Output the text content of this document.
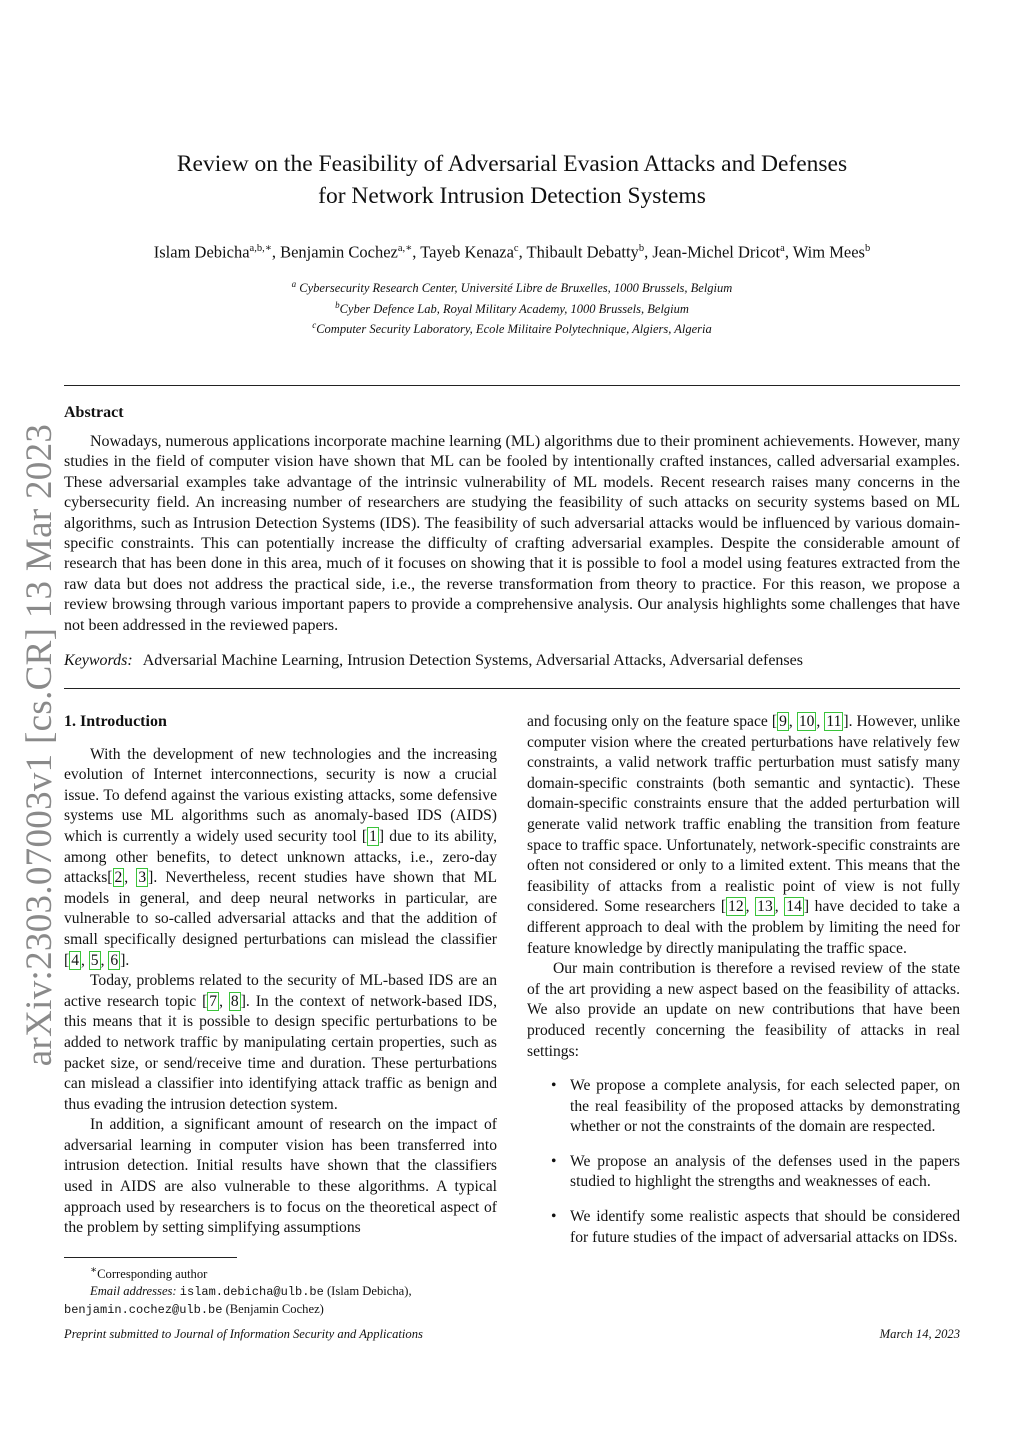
arXiv:2303.07003v1 [cs.CR] 13 Mar 2023
Review on the Feasibility of Adversarial Evasion Attacks and Defenses
for Network Intrusion Detection Systems
Islam Debicha$^{a,b,∗}$, Benjamin Cochez$^{a,∗}$, Tayeb Kenaza$^c$, Thibault Debatty$^b$, Jean-Michel Dricot$^a$, Wim Mees$^b$
$^a$ Cybersecurity Research Center, Université Libre de Bruxelles, 1000 Brussels, Belgium
$^b$Cyber Defence Lab, Royal Military Academy, 1000 Brussels, Belgium
$^c$Computer Security Laboratory, Ecole Militaire Polytechnique, Algiers, Algeria
Abstract

Nowadays, numerous applications incorporate machine learning (ML) algorithms due to their prominent achievements. However, many studies in the field of computer vision have shown that ML can be fooled by intentionally crafted instances, called adversarial examples. These adversarial examples take advantage of the intrinsic vulnerability of ML models. Recent research raises many concerns in the cybersecurity field. An increasing number of researchers are studying the feasibility of such attacks on security systems based on ML algorithms, such as Intrusion Detection Systems (IDS). The feasibility of such adversarial attacks would be influenced by various domain-specific constraints. This can potentially increase the difficulty of crafting adversarial examples. Despite the considerable amount of research that has been done in this area, much of it focuses on showing that it is possible to fool a model using features extracted from the raw data but does not address the practical side, i.e., the reverse transformation from theory to practice. For this reason, we propose a review browsing through various important papers to provide a comprehensive analysis. Our analysis highlights some challenges that have not been addressed in the reviewed papers.

Keywords: Adversarial Machine Learning, Intrusion Detection Systems, Adversarial Attacks, Adversarial defenses
1. Introduction

With the development of new technologies and the increasing evolution of Internet interconnections, security is now a crucial issue. To defend against the various existing attacks, some defensive systems use ML algorithms such as anomaly-based IDS (AIDS) which is currently a widely used security tool [ 1 ] due to its ability, among other benefits, to detect unknown attacks, i.e., zero-day attacks[ 2 , 3 ]. Nevertheless, recent studies have shown that ML models in general, and deep neural networks in particular, are vulnerable to so-called adversarial attacks and that the addition of small specifically designed perturbations can mislead the classifier [ 4 , 5 , 6 ].

Today, problems related to the security of ML-based IDS are an active research topic [ 7 , 8 ]. In the context of network-based IDS, this means that it is possible to design specific perturbations to be added to network traffic by manipulating certain properties, such as packet size, or send/receive time and duration. These perturbations can mislead a classifier into identifying attack traffic as benign and thus evading the intrusion detection system.

In addition, a significant amount of research on the impact of adversarial learning in computer vision has been transferred into intrusion detection. Initial results have shown that the classifiers used in AIDS are also vulnerable to these algorithms. A typical approach used by researchers is to focus on the theoretical aspect of the problem by setting simplifying assumptions

and focusing only on the feature space [ 9 , 10 , 11 ]. However, unlike computer vision where the created perturbations have relatively few constraints, a valid network traffic perturbation must satisfy many domain-specific constraints (both semantic and syntactic). These domain-specific constraints ensure that the added perturbation will generate valid network traffic enabling the transition from feature space to traffic space. Unfortunately, network-specific constraints are often not considered or only to a limited extent. This means that the feasibility of attacks from a realistic point of view is not fully considered. Some researchers [ 12 , 13 , 14 ] have decided to take a different approach to deal with the problem by limiting the need for feature knowledge by directly manipulating the traffic space.

Our main contribution is therefore a revised review of the state of the art providing a new aspect based on the feasibility of attacks. We also provide an update on new contributions that have been produced recently concerning the feasibility of attacks in real settings:

• We propose a complete analysis, for each selected paper, on the real feasibility of the proposed attacks by demonstrating whether or not the constraints of the domain are respected.
• We propose an analysis of the defenses used in the papers studied to highlight the strengths and weaknesses of each.
• We identify some realistic aspects that should be considered for future studies of the impact of adversarial attacks on IDSs.
∗Corresponding author
Email addresses: islam.debicha@ulb.be (Islam Debicha),
benjamin.cochez@ulb.be (Benjamin Cochez)
Preprint submitted to Journal of Information Security and Applications	March 14, 2023
